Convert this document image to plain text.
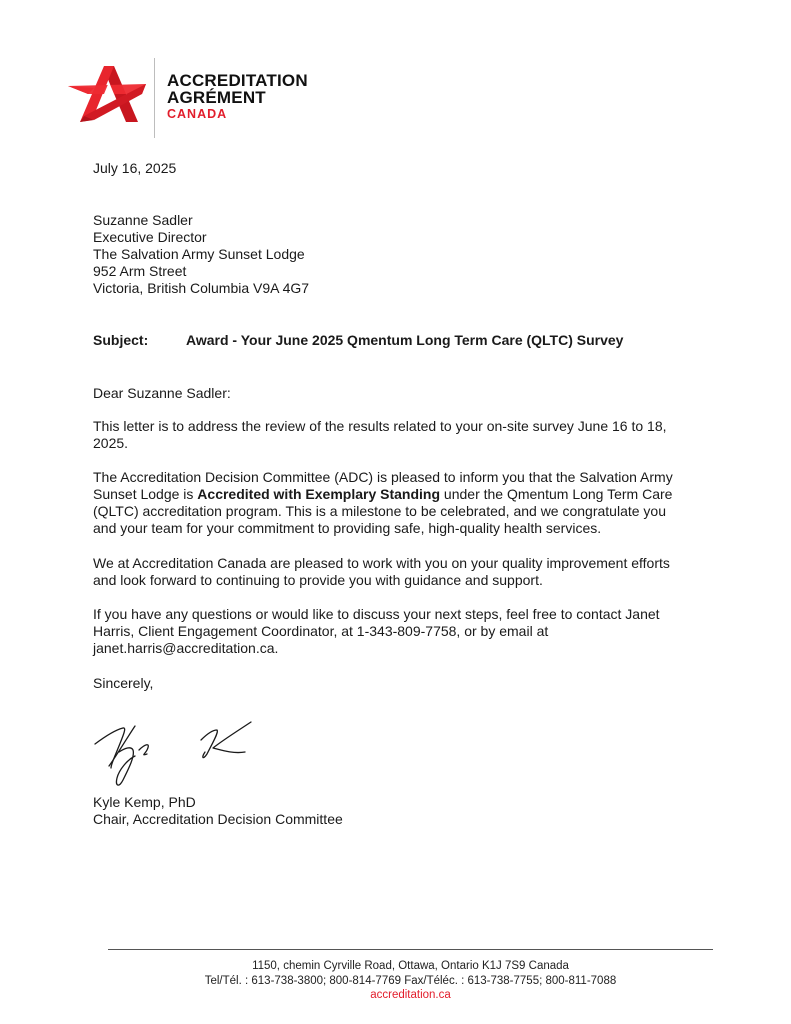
ACCREDITATION
AGRÉMENT
CANADA
July 16, 2025
Suzanne Sadler
Executive Director
The Salvation Army Sunset Lodge
952 Arm Street
Victoria, British Columbia V9A 4G7
Subject:	Award - Your June 2025 Qmentum Long Term Care (QLTC) Survey
Dear Suzanne Sadler:

This letter is to address the review of the results related to your on-site survey June 16 to 18, 2025.

The Accreditation Decision Committee (ADC) is pleased to inform you that the Salvation Army Sunset Lodge is Accredited with Exemplary Standing under the Qmentum Long Term Care (QLTC) accreditation program. This is a milestone to be celebrated, and we congratulate you and your team for your commitment to providing safe, high-quality health services.

We at Accreditation Canada are pleased to work with you on your quality improvement efforts and look forward to continuing to provide you with guidance and support.

If you have any questions or would like to discuss your next steps, feel free to contact Janet Harris, Client Engagement Coordinator, at 1-343-809-7758, or by email at janet.harris@accreditation.ca.

Sincerely,
Kyle Kemp, PhD
Chair, Accreditation Decision Committee
1150, chemin Cyrville Road, Ottawa, Ontario K1J 7S9 Canada
Tel/Tél. : 613-738-3800; 800-814-7769 Fax/Téléc. : 613-738-7755; 800-811-7088
accreditation.ca
